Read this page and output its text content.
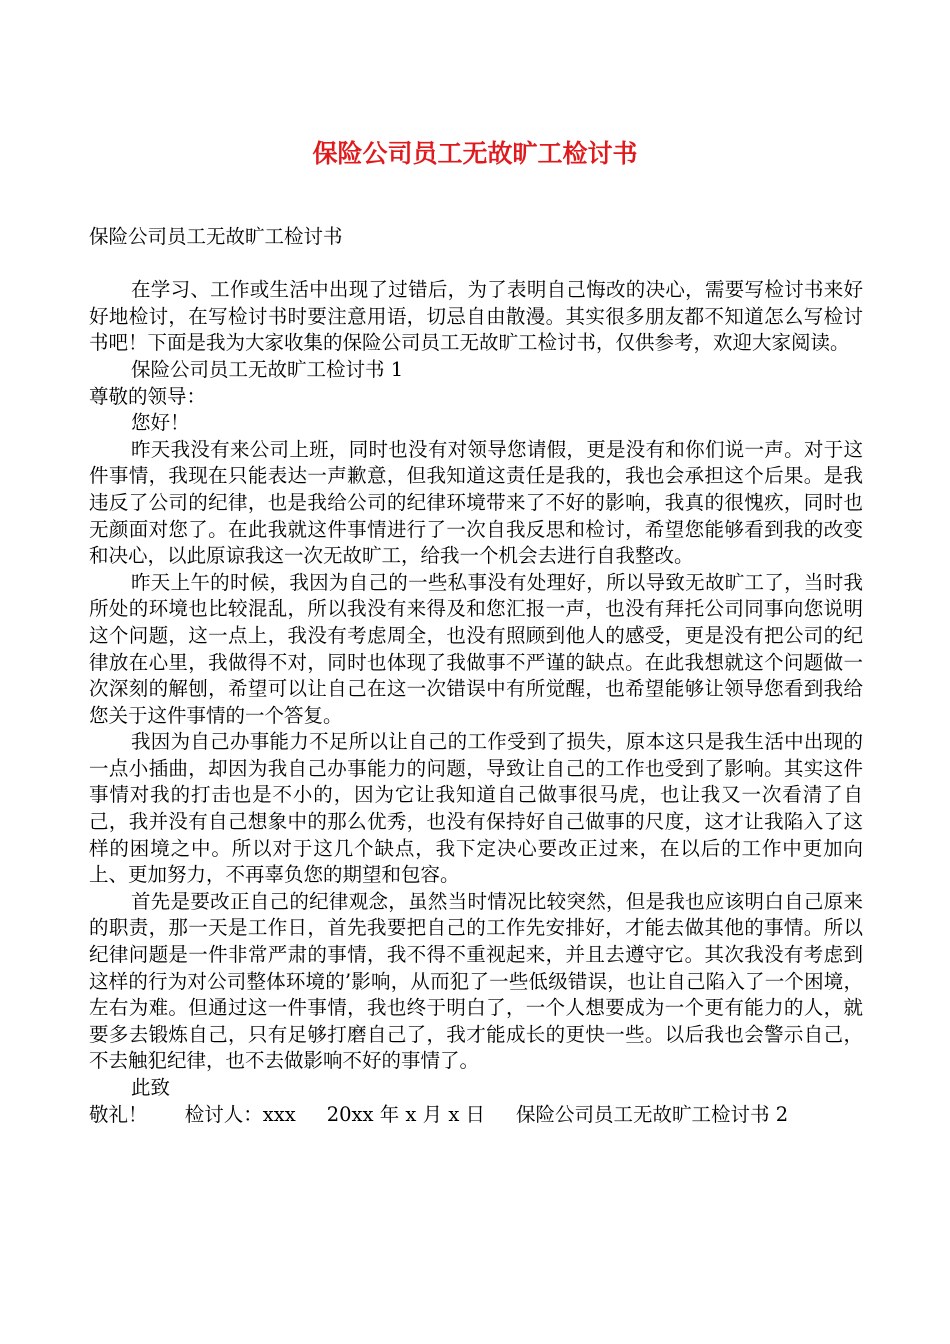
保险公司员工无故旷工检讨书

保险公司员工无故旷工检讨书

在学习、工作或生活中出现了过错后，为了表明自己悔改的决心，需要写检讨书来好好地检讨，在写检讨书时要注意用语，切忌自由散漫。其实很多朋友都不知道怎么写检讨书吧！下面是我为大家收集的保险公司员工无故旷工检讨书，仅供参考，欢迎大家阅读。

保险公司员工无故旷工检讨书 1

尊敬的领导：

您好！

昨天我没有来公司上班，同时也没有对领导您请假，更是没有和你们说一声。对于这件事情，我现在只能表达一声歉意，但我知道这责任是我的，我也会承担这个后果。是我违反了公司的纪律，也是我给公司的纪律环境带来了不好的影响，我真的很愧疚，同时也无颜面对您了。在此我就这件事情进行了一次自我反思和检讨，希望您能够看到我的改变和决心，以此原谅我这一次无故旷工，给我一个机会去进行自我整改。

昨天上午的时候，我因为自己的一些私事没有处理好，所以导致无故旷工了，当时我所处的环境也比较混乱，所以我没有来得及和您汇报一声，也没有拜托公司同事向您说明这个问题，这一点上，我没有考虑周全，也没有照顾到他人的感受，更是没有把公司的纪律放在心里，我做得不对，同时也体现了我做事不严谨的缺点。在此我想就这个问题做一次深刻的解刨，希望可以让自己在这一次错误中有所觉醒，也希望能够让领导您看到我给您关于这件事情的一个答复。

我因为自己办事能力不足所以让自己的工作受到了损失，原本这只是我生活中出现的一点小插曲，却因为我自己办事能力的问题，导致让自己的工作也受到了影响。其实这件事情对我的打击也是不小的，因为它让我知道自己做事很马虎，也让我又一次看清了自己，我并没有自己想象中的那么优秀，也没有保持好自己做事的尺度，这才让我陷入了这样的困境之中。所以对于这几个缺点，我下定决心要改正过来，在以后的工作中更加向上、更加努力，不再辜负您的期望和包容。

首先是要改正自己的纪律观念，虽然当时情况比较突然，但是我也应该明白自己原来的职责，那一天是工作日，首先我要把自己的工作先安排好，才能去做其他的事情。所以纪律问题是一件非常严肃的事情，我不得不重视起来，并且去遵守它。其次我没有考虑到这样的行为对公司整体环境的’影响，从而犯了一些低级错误，也让自己陷入了一个困境，左右为难。但通过这一件事情，我也终于明白了，一个人想要成为一个更有能力的人，就要多去锻炼自己，只有足够打磨自己了，我才能成长的更快一些。以后我也会警示自己，不去触犯纪律，也不去做影响不好的事情了。

此致

敬礼！ 检讨人：xxx 20xx 年 x 月 x 日 保险公司员工无故旷工检讨书 2
